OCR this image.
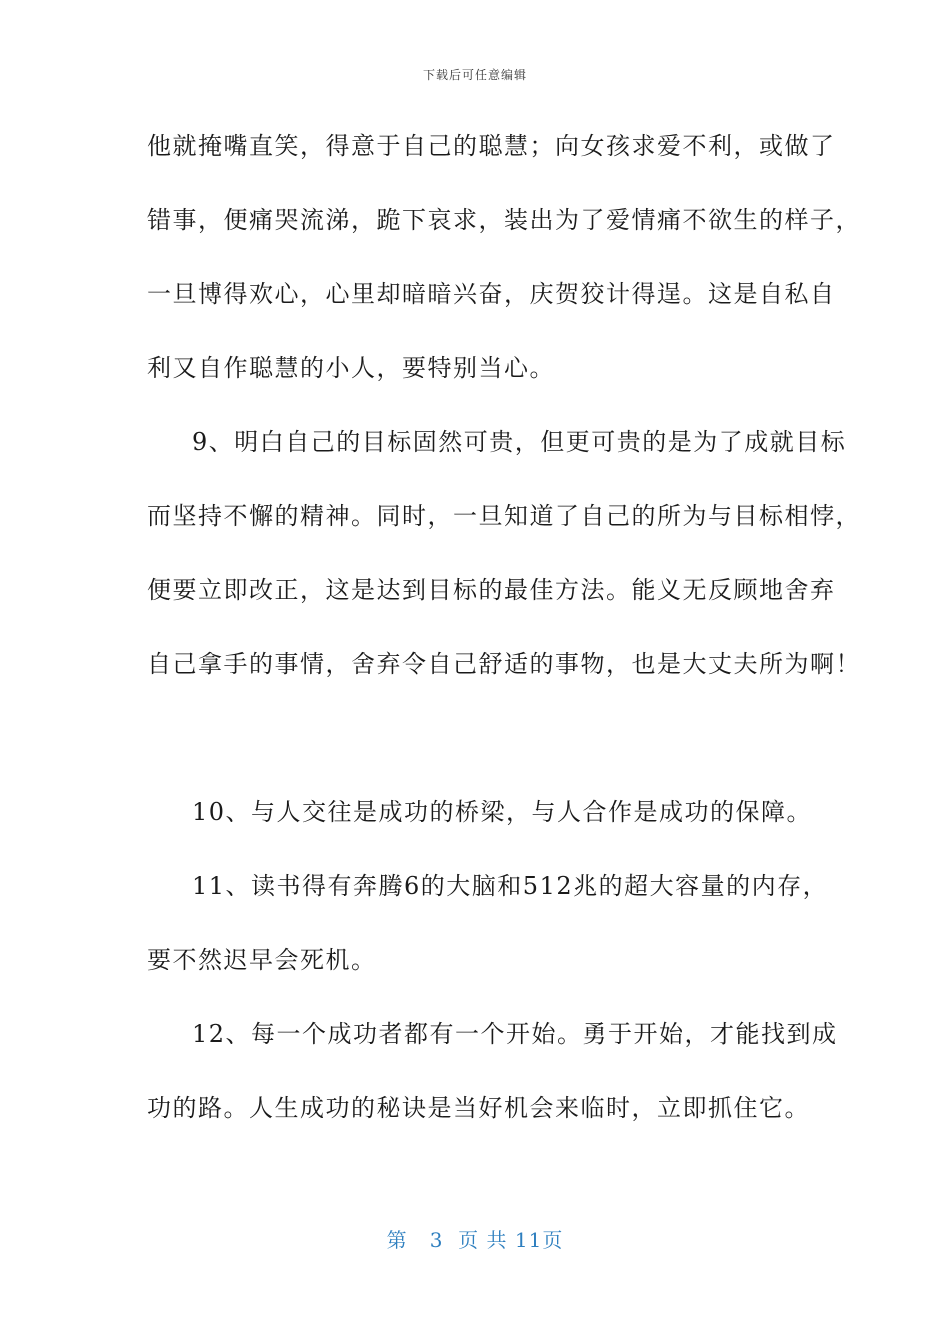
下载后可任意编辑
他就掩嘴直笑，得意于自己的聪慧；向女孩求爱不利，或做了
错事，便痛哭流涕，跪下哀求，装出为了爱情痛不欲生的样子，
一旦博得欢心，心里却暗暗兴奋，庆贺狡计得逞。这是自私自
利又自作聪慧的小人，要特别当心。
9、明白自己的目标固然可贵，但更可贵的是为了成就目标
而坚持不懈的精神。同时，一旦知道了自己的所为与目标相悖，
便要立即改正，这是达到目标的最佳方法。能义无反顾地舍弃
自己拿手的事情，舍弃令自己舒适的事物，也是大丈夫所为啊！
10、与人交往是成功的桥梁，与人合作是成功的保障。
11、读书得有奔腾6的大脑和512兆的超大容量的内存，
要不然迟早会死机。
12、每一个成功者都有一个开始。勇于开始，才能找到成
功的路。人生成功的秘诀是当好机会来临时，立即抓住它。
第 3 页 共 11页
